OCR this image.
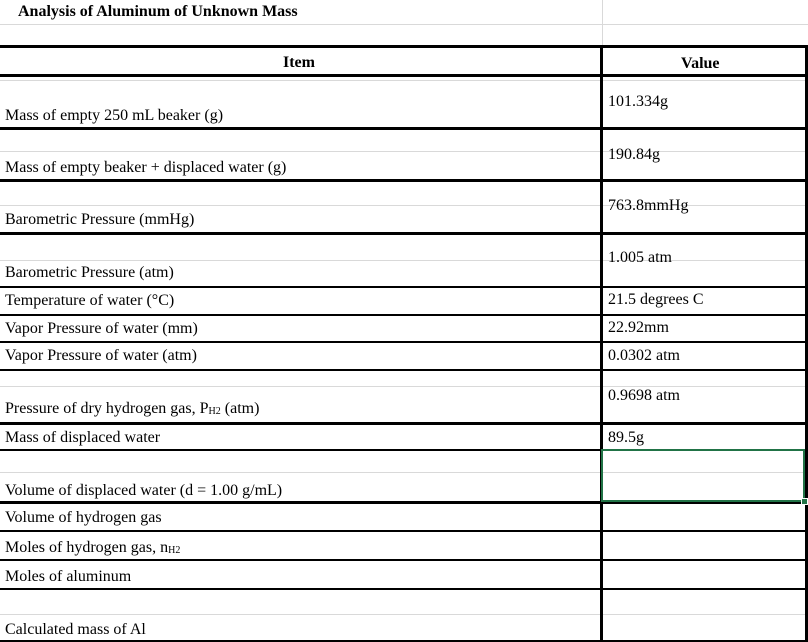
Analysis of Aluminum of Unknown Mass
Item	Value
Mass of empty 250 mL beaker (g)
Mass of empty beaker + displaced water (g)
Barometric Pressure (mmHg)
Barometric Pressure (atm)
Temperature of water (°C)
Vapor Pressure of water (mm)
Vapor Pressure of water (atm)
Pressure of dry hydrogen gas, $P_{H2}$ (atm)
Mass of displaced water
Volume of displaced water (d = 1.00 g/mL)
Volume of hydrogen gas
Moles of hydrogen gas, $n_{H2}$
Moles of aluminum
Calculated mass of Al
101.334g
190.84g
763.8mmHg
1.005 atm
21.5 degrees C
22.92mm
0.0302 atm
0.9698 atm
89.5g
